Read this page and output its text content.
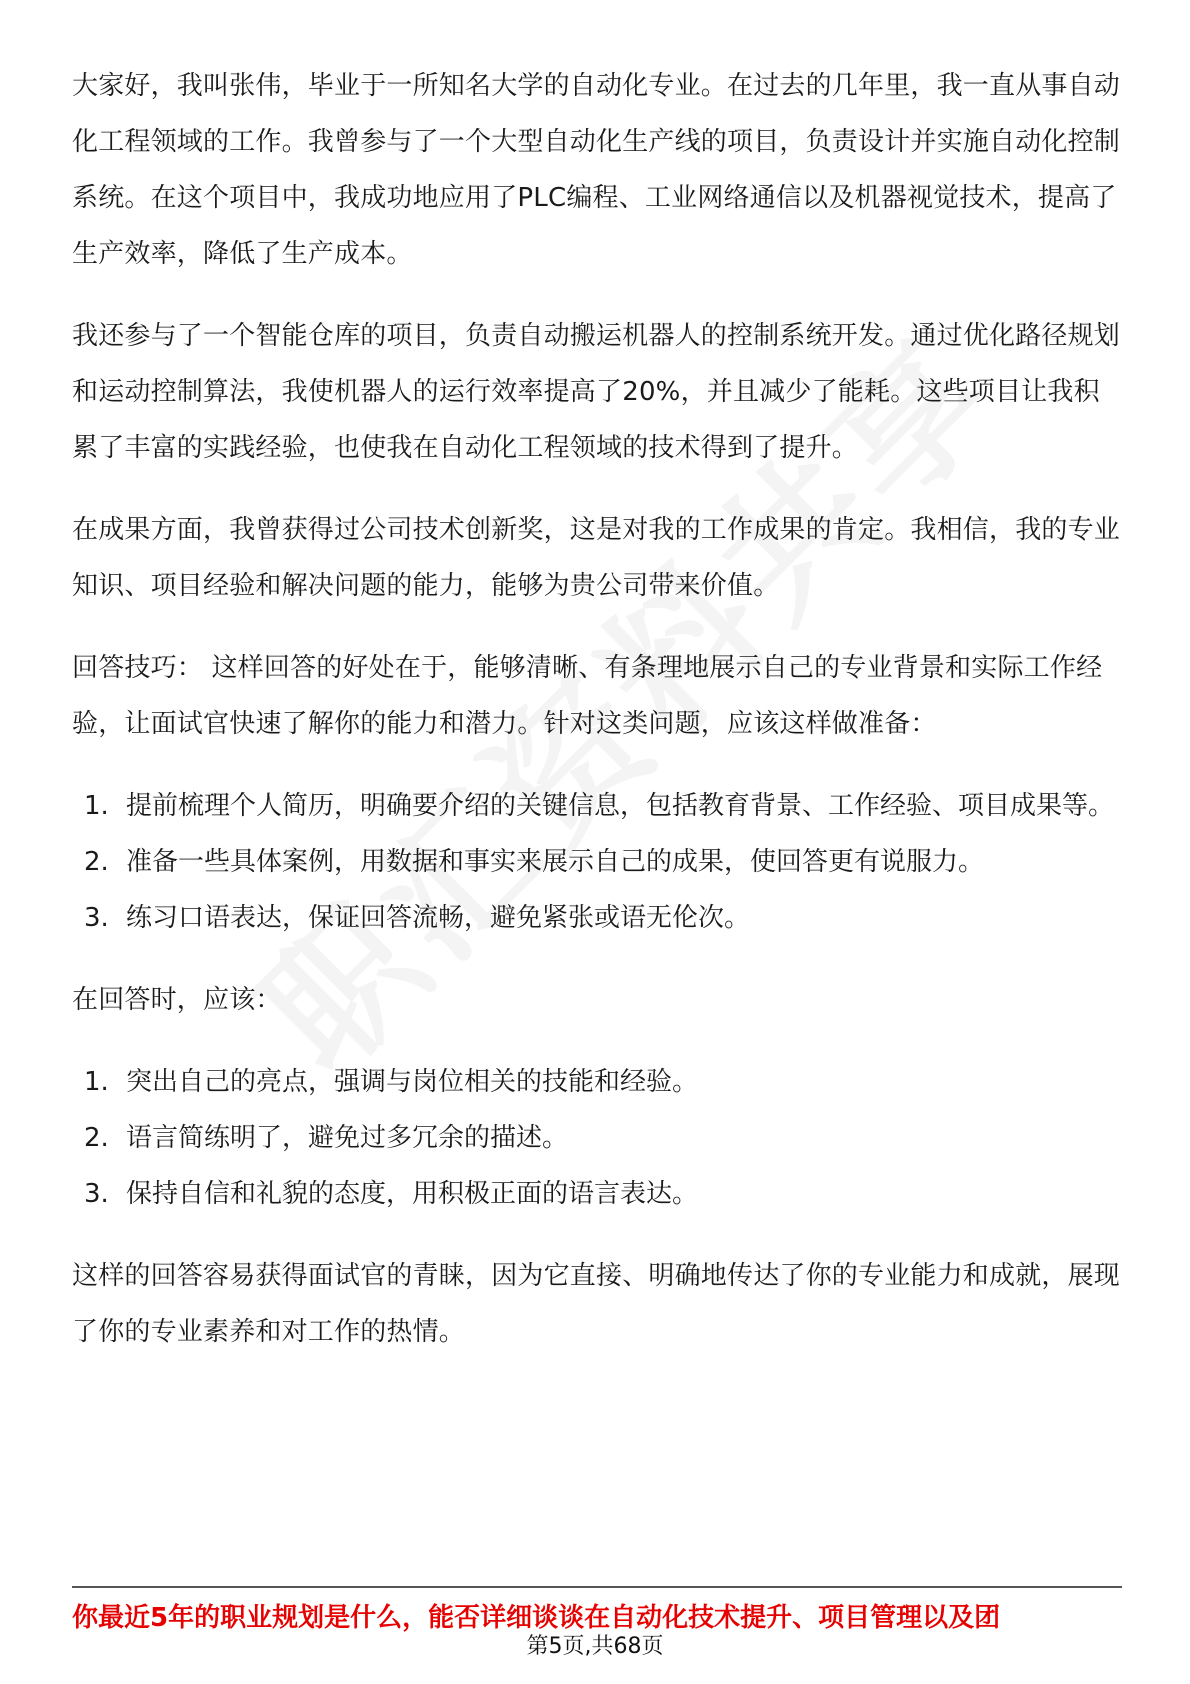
大家好，我叫张伟，毕业于一所知名大学的自动化专业。在过去的几年里，我一直从事自动化工程领域的工作。我曾参与了一个大型自动化生产线的项目，负责设计并实施自动化控制系统。在这个项目中，我成功地应用了PLC编程、工业网络通信以及机器视觉技术，提高了生产效率，降低了生产成本。

我还参与了一个智能仓库的项目，负责自动搬运机器人的控制系统开发。通过优化路径规划和运动控制算法，我使机器人的运行效率提高了20%，并且减少了能耗。这些项目让我积累了丰富的实践经验，也使我在自动化工程领域的技术得到了提升。

在成果方面，我曾获得过公司技术创新奖，这是对我的工作成果的肯定。我相信，我的专业知识、项目经验和解决问题的能力，能够为贵公司带来价值。

回答技巧： 这样回答的好处在于，能够清晰、有条理地展示自己的专业背景和实际工作经验，让面试官快速了解你的能力和潜力。针对这类问题，应该这样做准备：

1. 提前梳理个人简历，明确要介绍的关键信息，包括教育背景、工作经验、项目成果等。
2. 准备一些具体案例，用数据和事实来展示自己的成果，使回答更有说服力。
3. 练习口语表达，保证回答流畅，避免紧张或语无伦次。

在回答时，应该：

1. 突出自己的亮点，强调与岗位相关的技能和经验。
2. 语言简练明了，避免过多冗余的描述。
3. 保持自信和礼貌的态度，用积极正面的语言表达。

这样的回答容易获得面试官的青睐，因为它直接、明确地传达了你的专业能力和成就，展现了你的专业素养和对工作的热情。

你最近5年的职业规划是什么，能否详细谈谈在自动化技术提升、项目管理以及团
第5页,共68页
